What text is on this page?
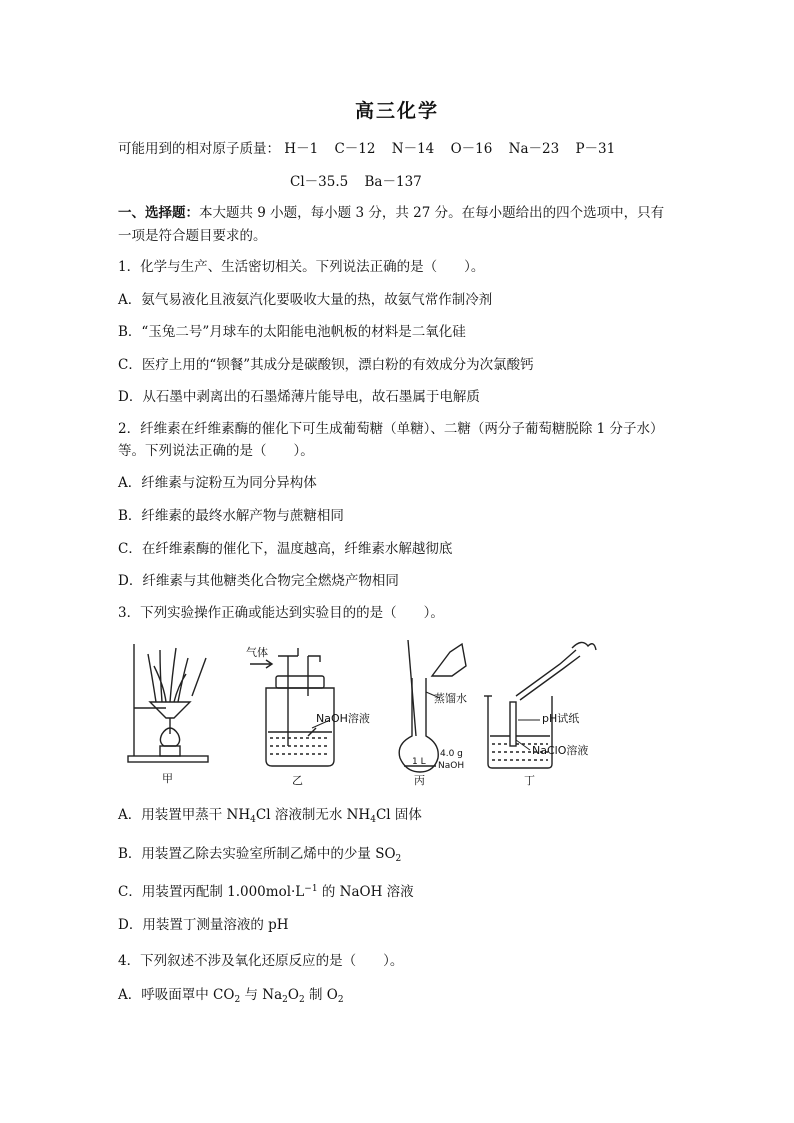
高三化学
可能用到的相对原子质量： H－1 C－12 N－14 O－16 Na－23 P－31
Cl－35.5 Ba－137
一、选择题：本大题共 9 小题，每小题 3 分，共 27 分。在每小题给出的四个选项中，只有
一项是符合题目要求的。
1．化学与生产、生活密切相关。下列说法正确的是（　　）。
A．氨气易液化且液氨汽化要吸收大量的热，故氨气常作制冷剂
B．“玉兔二号”月球车的太阳能电池帆板的材料是二氧化硅
C．医疗上用的“钡餐”其成分是碳酸钡，漂白粉的有效成分为次氯酸钙
D．从石墨中剥离出的石墨烯薄片能导电，故石墨属于电解质
2．纤维素在纤维素酶的催化下可生成葡萄糖（单糖）、二糖（两分子葡萄糖脱除 1 分子水）
等。下列说法正确的是（　　）。
A．纤维素与淀粉互为同分异构体
B．纤维素的最终水解产物与蔗糖相同
C．在纤维素酶的催化下，温度越高，纤维素水解越彻底
D．纤维素与其他糖类化合物完全燃烧产物相同
3．下列实验操作正确或能达到实验目的的是（　　）。
气体
NaOH溶液
蒸馏水
1 L
4.0 g
NaOH
pH试纸
NaClO溶液
甲	乙	丙	丁
A．用装置甲蒸干 $NH_4Cl$ 溶液制无水 $NH_4Cl$ 固体
B．用装置乙除去实验室所制乙烯中的少量 $SO_2$
C．用装置丙配制 $1.000mol\cdot L^{-1}$ 的 NaOH 溶液
D．用装置丁测量溶液的 pH
4．下列叙述不涉及氧化还原反应的是（　　）。
A．呼吸面罩中 $CO_2$ 与 $Na_2O_2$ 制 $O_2$
